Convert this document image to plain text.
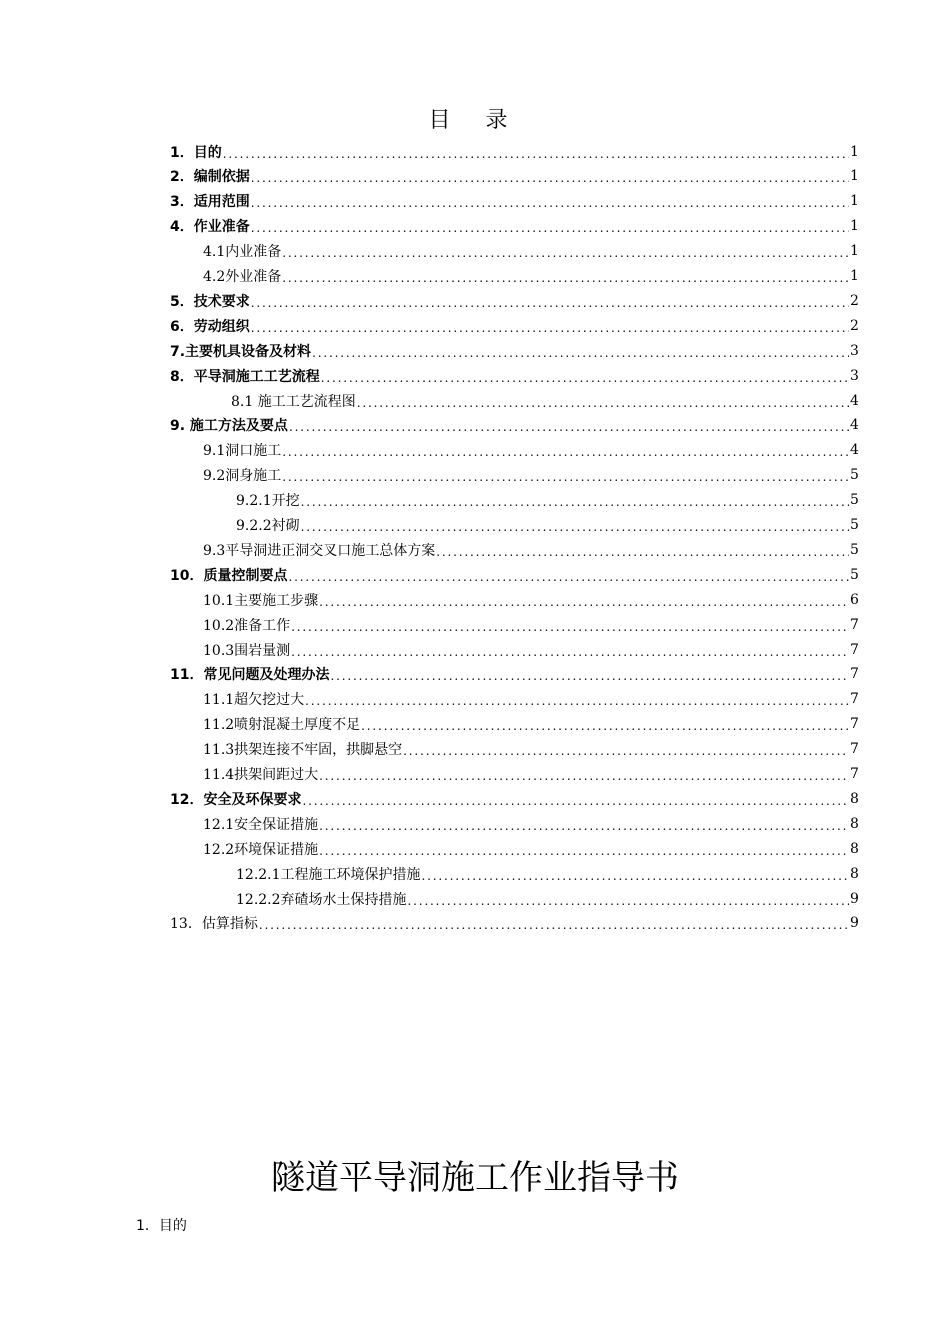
目 录
1．目的 . . .	1
2．编制依据 . . .	1
3．适用范围 . . .	1
4．作业准备 . . .	1
4.1内业准备 . . .	1
4.2外业准备 . . .	1
5．技术要求 . . .	2
6．劳动组织 . . .	2
7.主要机具设备及材料 . . .	3
8．平导洞施工工艺流程 . . .	3
8.1 施工工艺流程图 . . .	4
9. 施工方法及要点 . . .	4
9.1洞口施工 . . .	4
9.2洞身施工 . . .	5
9.2.1开挖 . . .	5
9.2.2衬砌 . . .	5
9.3平导洞进正洞交叉口施工总体方案 . . .	5
10．质量控制要点 . . .	5
10.1主要施工步骤 . . .	6
10.2准备工作 . . .	7
10.3围岩量测 . . .	7
11．常见问题及处理办法 . . .	7
11.1超欠挖过大 . . .	7
11.2喷射混凝土厚度不足 . . .	7
11.3拱架连接不牢固，拱脚悬空 . . .	7
11.4拱架间距过大 . . .	7
12．安全及环保要求 . . .	8
12.1安全保证措施 . . .	8
12.2环境保证措施 . . .	8
12.2.1工程施工环境保护措施 . . .	8
12.2.2弃碴场水土保持措施 . . .	9
13．估算指标 . . .	9
隧道平导洞施工作业指导书
1．目的
